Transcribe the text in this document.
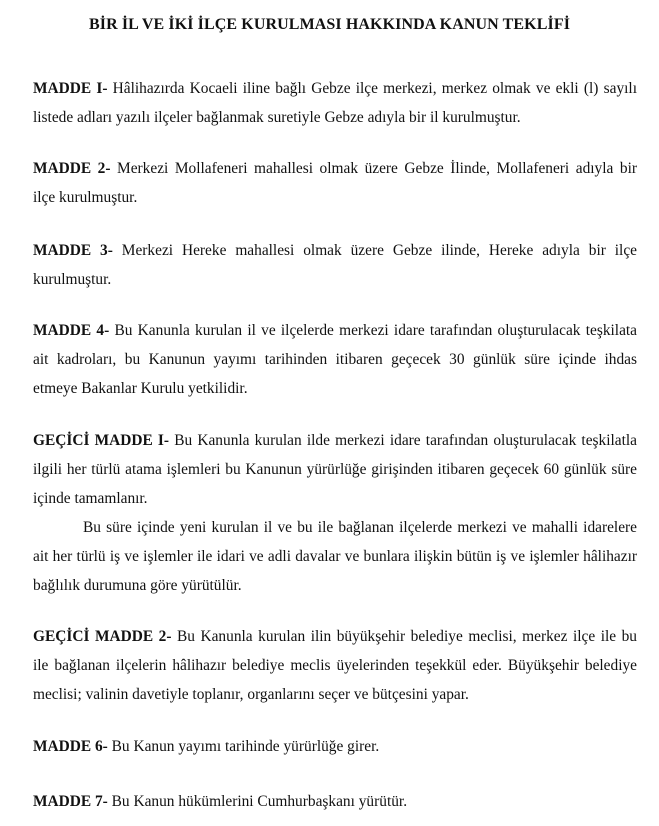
BİR İL VE İKİ İLÇE KURULMASI HAKKINDA KANUN TEKLİFİ
MADDE I- Hâlihazırda Kocaeli iline bağlı Gebze ilçe merkezi, merkez olmak ve ekli (l) sayılı
listede adları yazılı ilçeler bağlanmak suretiyle Gebze adıyla bir il kurulmuştur.
MADDE 2- Merkezi Mollafeneri mahallesi olmak üzere Gebze İlinde, Mollafeneri adıyla bir
ilçe kurulmuştur.
MADDE 3- Merkezi Hereke mahallesi olmak üzere Gebze ilinde, Hereke adıyla bir ilçe
kurulmuştur.
MADDE 4- Bu Kanunla kurulan il ve ilçelerde merkezi idare tarafından oluşturulacak teşkilata
ait kadroları, bu Kanunun yayımı tarihinden itibaren geçecek 30 günlük süre içinde ihdas
etmeye Bakanlar Kurulu yetkilidir.
GEÇİCİ MADDE I- Bu Kanunla kurulan ilde merkezi idare tarafından oluşturulacak teşkilatla
ilgili her türlü atama işlemleri bu Kanunun yürürlüğe girişinden itibaren geçecek 60 günlük süre
içinde tamamlanır.
Bu süre içinde yeni kurulan il ve bu ile bağlanan ilçelerde merkezi ve mahalli idarelere
ait her türlü iş ve işlemler ile idari ve adli davalar ve bunlara ilişkin bütün iş ve işlemler hâlihazır
bağlılık durumuna göre yürütülür.
GEÇİCİ MADDE 2- Bu Kanunla kurulan ilin büyükşehir belediye meclisi, merkez ilçe ile bu
ile bağlanan ilçelerin hâlihazır belediye meclis üyelerinden teşekkül eder. Büyükşehir belediye
meclisi; valinin davetiyle toplanır, organlarını seçer ve bütçesini yapar.
MADDE 6- Bu Kanun yayımı tarihinde yürürlüğe girer.
MADDE 7- Bu Kanun hükümlerini Cumhurbaşkanı yürütür.
